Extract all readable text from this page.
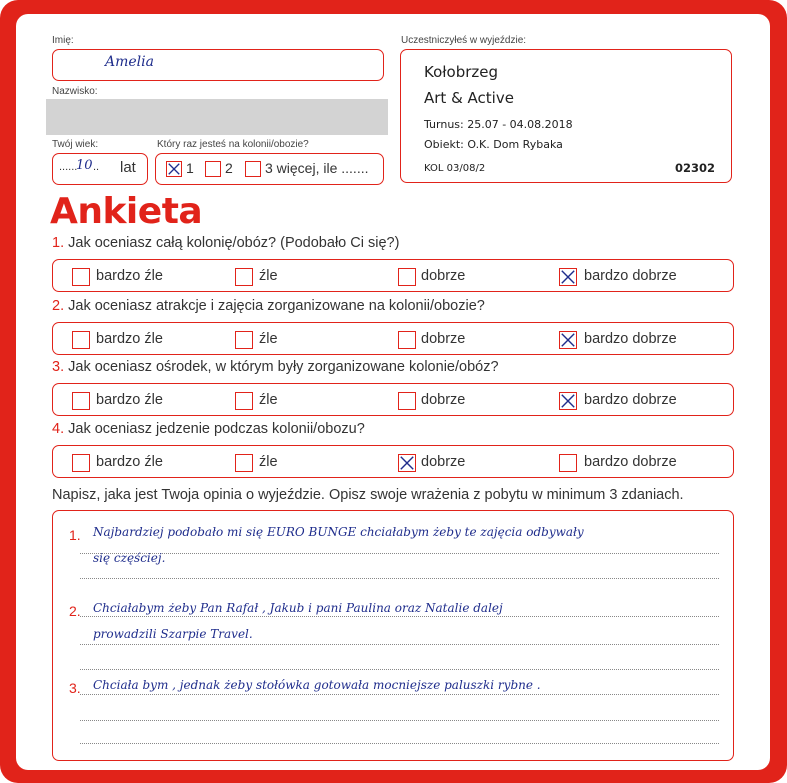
Imię:
Amelia
Nazwisko:
Twój wiek:
......
10 .. lat
Który raz jesteś na kolonii/obozie?
1 2 3 więcej, ile .......
Uczestniczyłeś w wyjeździe:
Kołobrzeg
Art & Active
Turnus: 25.07 - 04.08.2018
Obiekt: O.K. Dom Rybaka
KOL 03/08/2	02302
Ankieta
1. Jak oceniasz całą kolonię/obóz? (Podobało Ci się?)
bardzo źle	źle	dobrze	bardzo dobrze
2. Jak oceniasz atrakcje i zajęcia zorganizowane na kolonii/obozie?
bardzo źle	źle	dobrze	bardzo dobrze
3. Jak oceniasz ośrodek, w którym były zorganizowane kolonie/obóz?
bardzo źle	źle	dobrze	bardzo dobrze
4. Jak oceniasz jedzenie podczas kolonii/obozu?
bardzo źle	źle	dobrze	bardzo dobrze
Napisz, jaka jest Twoja opinia o wyjeździe. Opisz swoje wrażenia z pobytu w minimum 3 zdaniach.
1. Najbardziej podobało mi się EURO BUNGE chciałabym żeby te zajęcia odbywały
się częściej.
2. Chciałabym żeby Pan Rafał , Jakub i pani Paulina oraz Natalie dalej
prowadzili Szarpie Travel.
3. Chciała bym , jednak żeby stołówka gotowała mocniejsze paluszki rybne .
